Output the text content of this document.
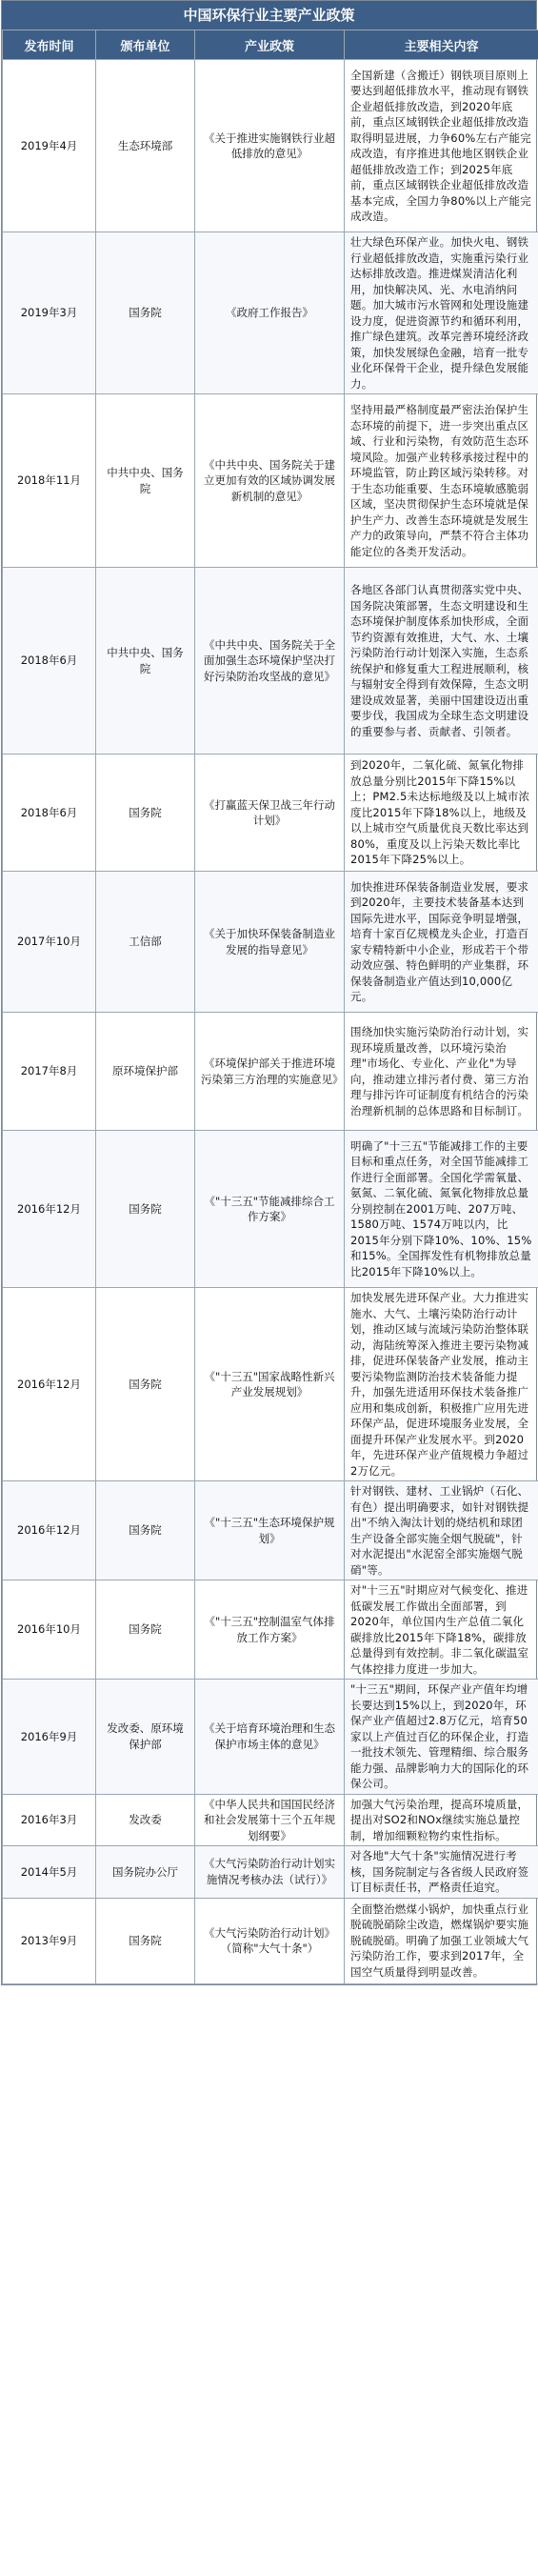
中国环保行业主要产业政策
发布时间	颁布单位	产业政策	主要相关内容
2019年4月	生态环境部	《关于推进实施钢铁行业超低排放的意见》	全国新建（含搬迁）钢铁项目原则上要达到超低排放水平，推动现有钢铁企业超低排放改造，到2020年底前，重点区域钢铁企业超低排放改造取得明显进展，力争60%左右产能完成改造，有序推进其他地区钢铁企业超低排放改造工作；到2025年底前，重点区域钢铁企业超低排放改造基本完成，全国力争80%以上产能完成改造。
2019年3月	国务院	《政府工作报告》	壮大绿色环保产业。加快火电、钢铁行业超低排放改造，实施重污染行业达标排放改造。推进煤炭清洁化利用，加快解决风、光、水电消纳问题。加大城市污水管网和处理设施建设力度，促进资源节约和循环利用，推广绿色建筑。改革完善环境经济政策，加快发展绿色金融，培育一批专业化环保骨干企业，提升绿色发展能力。
2018年11月	中共中央、国务院	《中共中央、国务院关于建立更加有效的区域协调发展新机制的意见》	坚持用最严格制度最严密法治保护生态环境的前提下，进一步突出重点区域、行业和污染物，有效防范生态环境风险。加强产业转移承接过程中的环境监管，防止跨区域污染转移。对于生态功能重要、生态环境敏感脆弱区域，坚决贯彻保护生态环境就是保护生产力、改善生态环境就是发展生产力的政策导向，严禁不符合主体功能定位的各类开发活动。
2018年6月	中共中央、国务院	《中共中央、国务院关于全面加强生态环境保护坚决打好污染防治攻坚战的意见》	各地区各部门认真贯彻落实党中央、国务院决策部署，生态文明建设和生态环境保护制度体系加快形成，全面节约资源有效推进，大气、水、土壤污染防治行动计划深入实施，生态系统保护和修复重大工程进展顺利，核与辐射安全得到有效保障，生态文明建设成效显著，美丽中国建设迈出重要步伐，我国成为全球生态文明建设的重要参与者、贡献者、引领者。
2018年6月	国务院	《打赢蓝天保卫战三年行动计划》	到2020年，二氧化硫、氮氧化物排放总量分别比2015年下降15%以上；PM2.5未达标地级及以上城市浓度比2015年下降18%以上，地级及以上城市空气质量优良天数比率达到80%，重度及以上污染天数比率比2015年下降25%以上。
2017年10月	工信部	《关于加快环保装备制造业发展的指导意见》	加快推进环保装备制造业发展，要求到2020年，主要技术装备基本达到国际先进水平，国际竞争明显增强，培育十家百亿规模龙头企业，打造百家专精特新中小企业，形成若干个带动效应强、特色鲜明的产业集群，环保装备制造业产值达到10,000亿元。
2017年8月	原环境保护部	《环境保护部关于推进环境污染第三方治理的实施意见》	围绕加快实施污染防治行动计划，实现环境质量改善，以环境污染治理"市场化、专业化、产业化"为导向，推动建立排污者付费、第三方治理与排污许可证制度有机结合的污染治理新机制的总体思路和目标制订。
2016年12月	国务院	《"十三五"节能减排综合工作方案》	明确了"十三五"节能减排工作的主要目标和重点任务，对全国节能减排工作进行全面部署。全国化学需氧量、氨氮、二氧化硫、氮氧化物排放总量分别控制在2001万吨、207万吨、1580万吨、1574万吨以内，比2015年分别下降10%、10%、15%和15%。全国挥发性有机物排放总量比2015年下降10%以上。
2016年12月	国务院	《"十三五"国家战略性新兴产业发展规划》	加快发展先进环保产业。大力推进实施水、大气、土壤污染防治行动计划，推动区域与流域污染防治整体联动，海陆统筹深入推进主要污染物减排，促进环保装备产业发展，推动主要污染物监测防治技术装备能力提升，加强先进适用环保技术装备推广应用和集成创新，积极推广应用先进环保产品，促进环境服务业发展，全面提升环保产业发展水平。到2020年，先进环保产业产值规模力争超过2万亿元。
2016年12月	国务院	《"十三五"生态环境保护规划》	针对钢铁、建材、工业锅炉（石化、有色）提出明确要求，如针对钢铁提出"不纳入淘汰计划的烧结机和球团生产设备全部实施全烟气脱硫"，针对水泥提出"水泥窑全部实施烟气脱硝"等。
2016年10月	国务院	《"十三五"控制温室气体排放工作方案》	对"十三五"时期应对气候变化、推进低碳发展工作做出全面部署，到2020年，单位国内生产总值二氧化碳排放比2015年下降18%，碳排放总量得到有效控制。非二氧化碳温室气体控排力度进一步加大。
2016年9月	发改委、原环境保护部	《关于培育环境治理和生态保护市场主体的意见》	"十三五"期间，环保产业产值年均增长要达到15%以上，到2020年，环保产业产值超过2.8万亿元，培育50家以上产值过百亿的环保企业，打造一批技术领先、管理精细、综合服务能力强、品牌影响力大的国际化的环保公司。
2016年3月	发改委	《中华人民共和国国民经济和社会发展第十三个五年规划纲要》	加强大气污染治理，提高环境质量，提出对SO2和NOx继续实施总量控制，增加细颗粒物约束性指标。
2014年5月	国务院办公厅	《大气污染防治行动计划实施情况考核办法（试行）》	对各地"大气十条"实施情况进行考核，国务院制定与各省级人民政府签订目标责任书，严格责任追究。
2013年9月	国务院	《大气污染防治行动计划》（简称"大气十条"）	全面整治燃煤小锅炉，加快重点行业脱硫脱硝除尘改造，燃煤锅炉要实施脱硫脱硝。明确了加强工业领域大气污染防治工作，要求到2017年，全国空气质量得到明显改善。
